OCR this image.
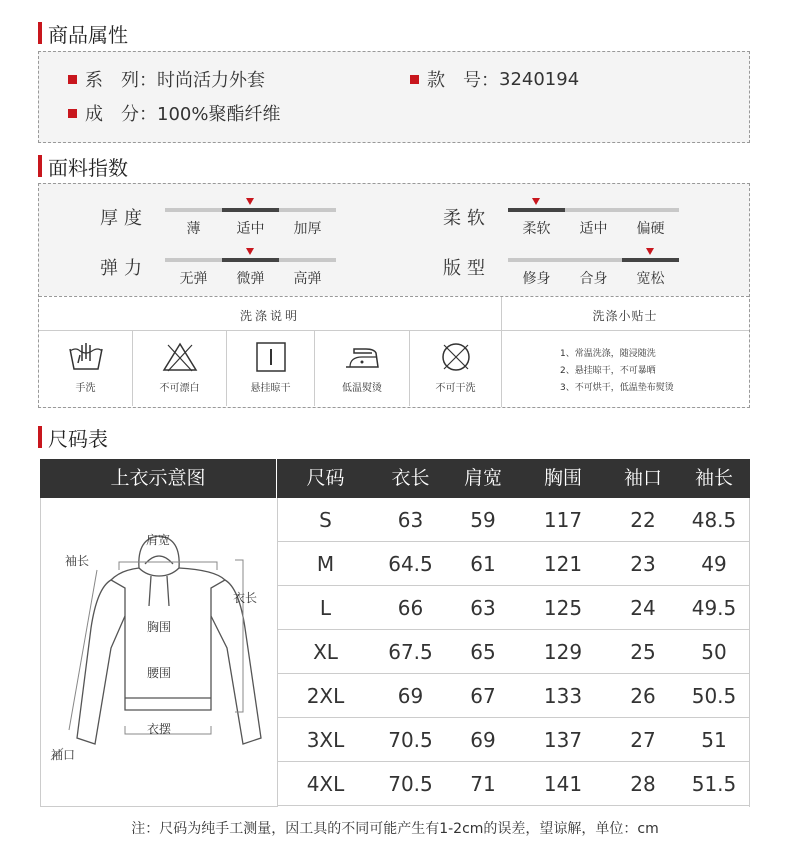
商品属性
系　列： 时尚活力外套	款　号： 3240194
成　分： 100%聚酯纤维
面料指数
厚度	薄	适中	加厚
弹力	无弹	微弹	高弹
柔软	柔软	适中	偏硬
版型	修身	合身	宽松
洗涤说明	洗涤小贴士
手洗	不可漂白	悬挂晾干	低温熨烫	不可干洗
1、常温洗涤，随浸随洗
2、悬挂晾干，不可暴晒
3、不可烘干，低温垫布熨烫
尺码表
上衣示意图	尺码	衣长	肩宽	胸围	袖口	袖长
肩宽
袖长
衣长
胸围
腰围
衣摆
袖口
S	63	59	117	22	48.5
M	64.5	61	121	23	49
L	66	63	125	24	49.5
XL	67.5	65	129	25	50
2XL	69	67	133	26	50.5
3XL	70.5	69	137	27	51
4XL	70.5	71	141	28	51.5
注：尺码为纯手工测量，因工具的不同可能产生有1-2cm的误差，望谅解，单位：cm
